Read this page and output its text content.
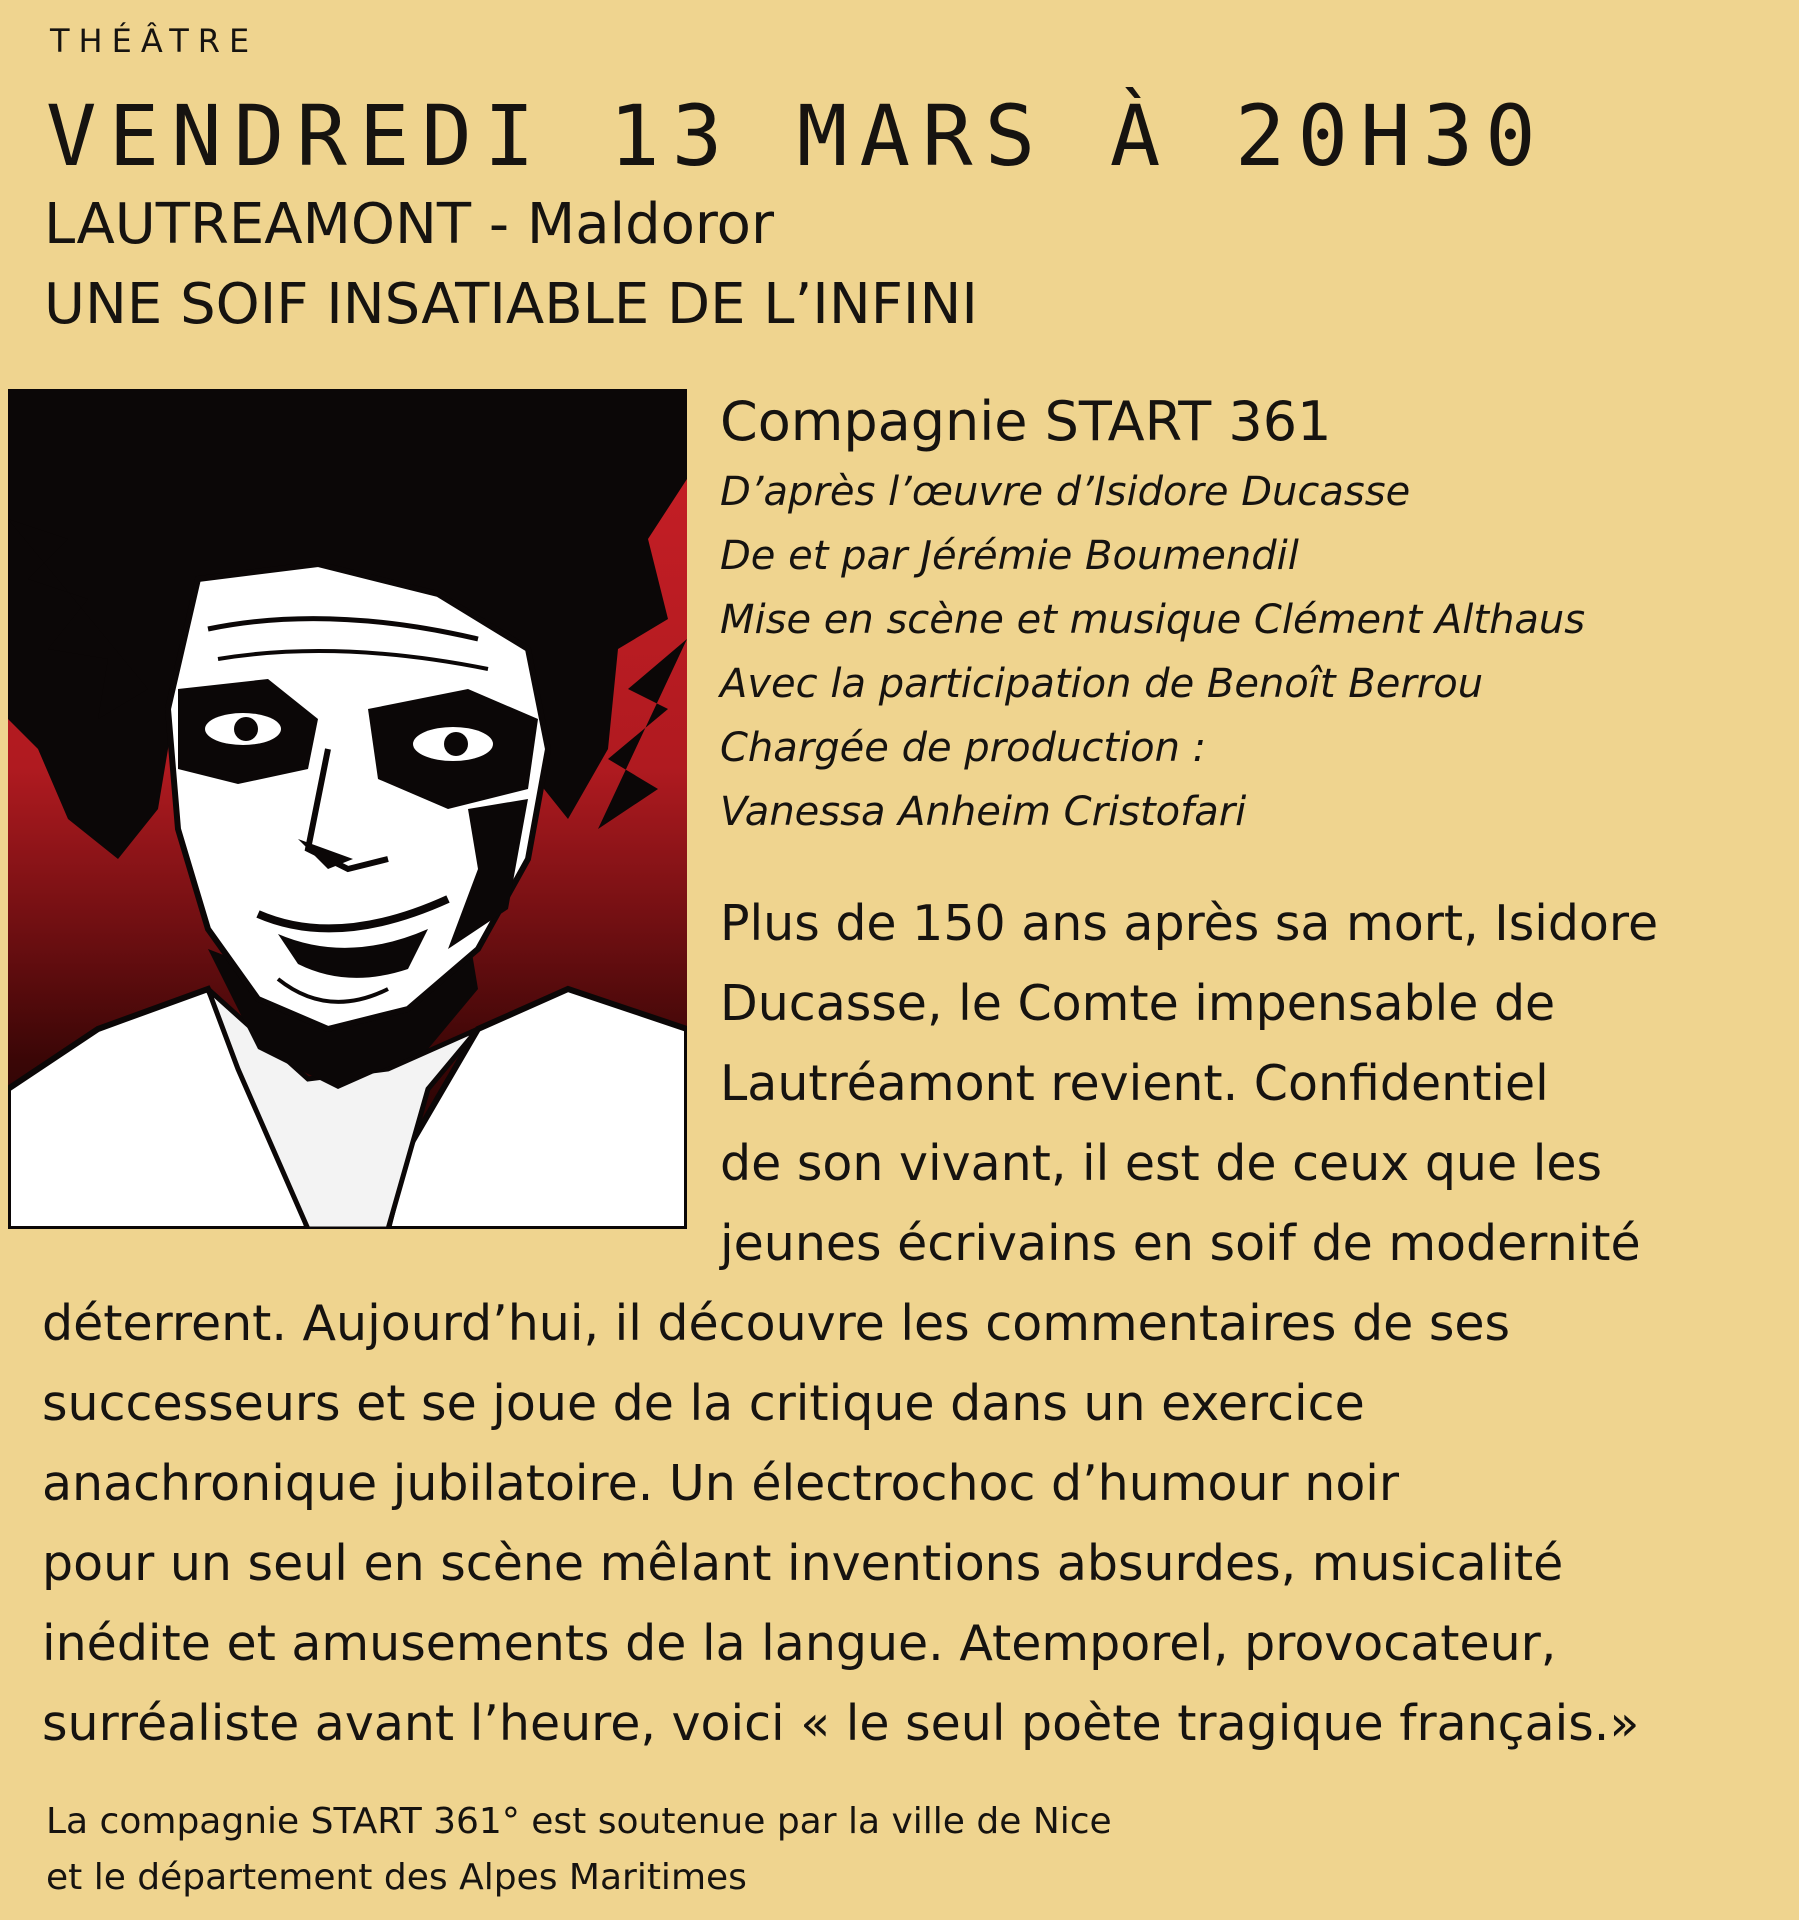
THÉÂTRE

VENDREDI 13 MARS À 20H30

LAUTREAMONT - Maldoror

UNE SOIF INSATIABLE DE L’INFINI

Compagnie START 361

D’après l’œuvre d’Isidore Ducasse
De et par Jérémie Boumendil
Mise en scène et musique Clément Althaus
Avec la participation de Benoît Berrou
Chargée de production :
Vanessa Anheim Cristofari
Plus de 150 ans après sa mort, Isidore
Ducasse, le Comte impensable de
Lautréamont revient. Confidentiel
de son vivant, il est de ceux que les
jeunes écrivains en soif de modernité
déterrent. Aujourd’hui, il découvre les commentaires de ses
successeurs et se joue de la critique dans un exercice
anachronique jubilatoire. Un électrochoc d’humour noir
pour un seul en scène mêlant inventions absurdes, musicalité
inédite et amusements de la langue. Atemporel, provocateur,
surréaliste avant l’heure, voici « le seul poète tragique français.»
La compagnie START 361° est soutenue par la ville de Nice
et le département des Alpes Maritimes
